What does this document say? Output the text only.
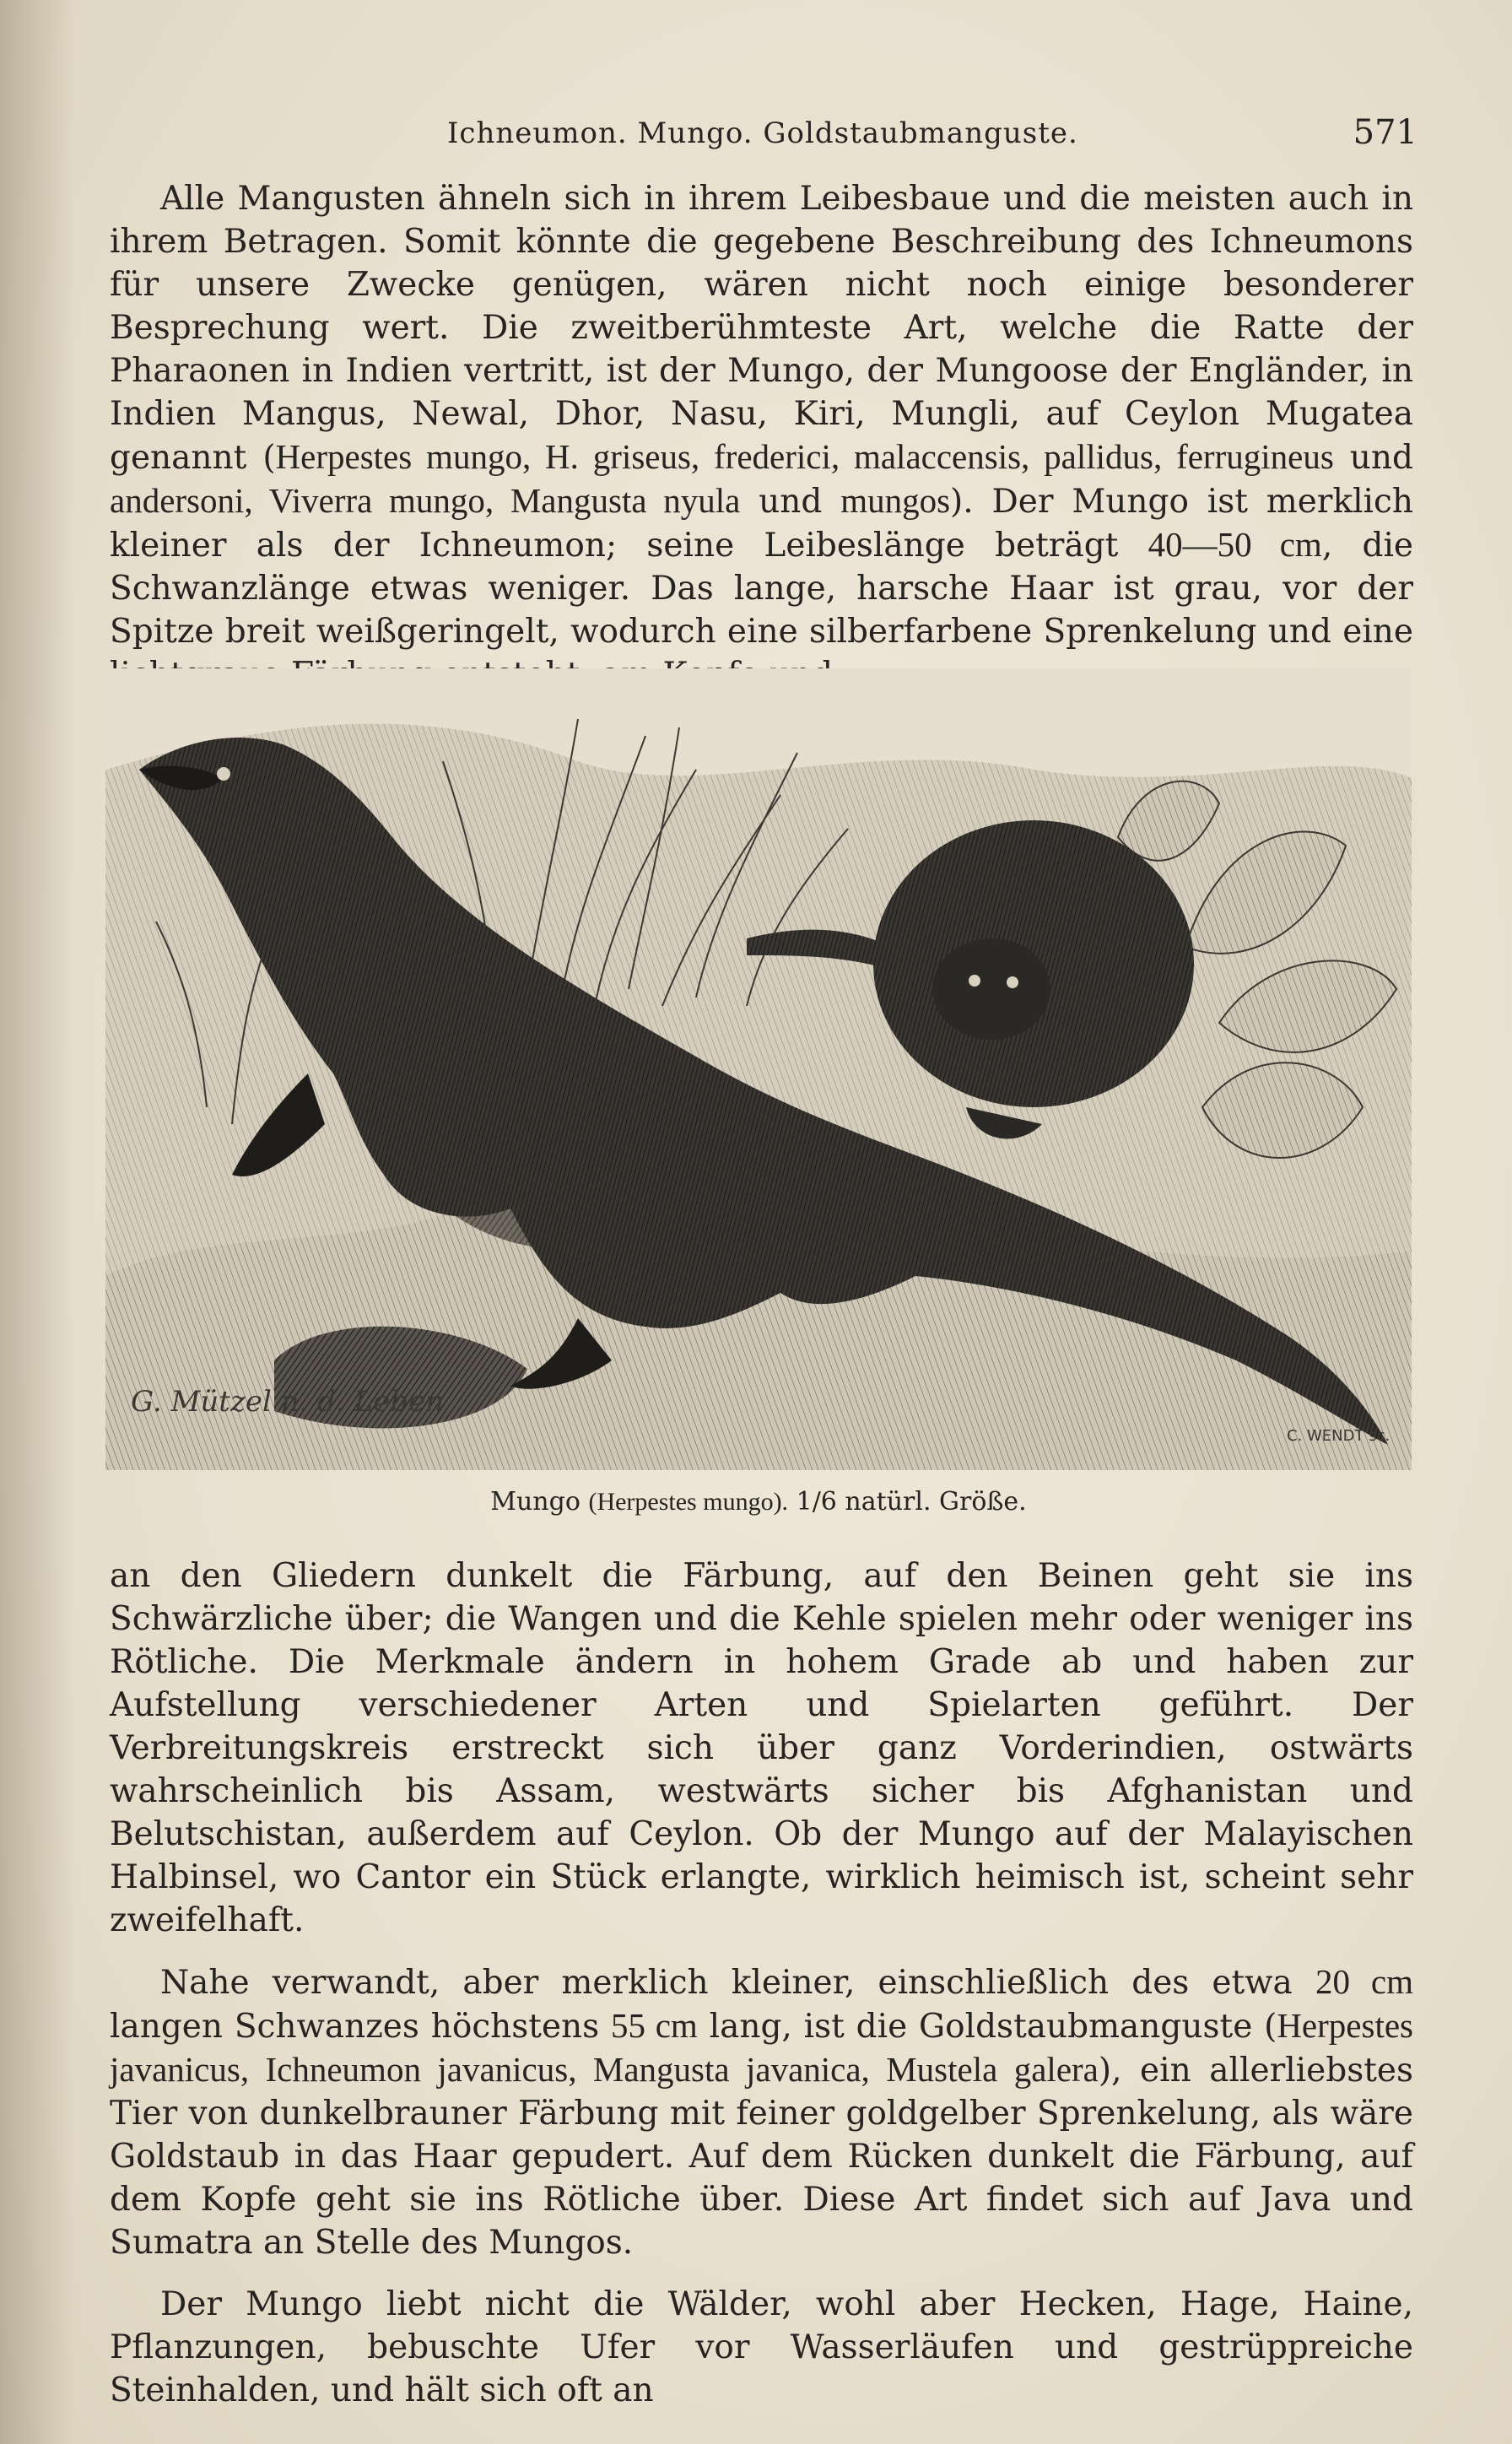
Ichneumon. Mungo. Goldstaubmanguste.	571

Alle Mangusten ähneln sich in ihrem Leibesbaue und die meisten auch in ihrem Betragen. Somit könnte die gegebene Beschreibung des Ichneumons für unsere Zwecke genügen, wären nicht noch einige besonderer Besprechung wert. Die zweitberühmteste Art, welche die Ratte der Pharaonen in Indien vertritt, ist der Mungo, der Mungoose der Engländer, in Indien Mangus, Newal, Dhor, Nasu, Kiri, Mungli, auf Ceylon Mugatea genannt (Herpestes mungo, H. griseus, frederici, malaccensis, pallidus, ferrugineus und andersoni, Viverra mungo, Mangusta nyula und mungos). Der Mungo ist merklich kleiner als der Ichneumon; seine Leibeslänge beträgt 40—50 cm, die Schwanzlänge etwas weniger. Das lange, harsche Haar ist grau, vor der Spitze breit weißgeringelt, wodurch eine silberfarbene Sprenkelung und eine

G. Mützel n. d. Leben
C. WENDT sc.
Mungo (Herpestes mungo). 1/6 natürl. Größe.

an den Gliedern dunkelt die Färbung, auf den Beinen geht sie ins Schwärzliche über; die Wangen und die Kehle spielen mehr oder weniger ins Rötliche. Die Merkmale ändern in hohem Grade ab und haben zur Aufstellung verschiedener Arten und Spielarten geführt. Der Verbreitungskreis erstreckt sich über ganz Vorderindien, ostwärts wahrscheinlich bis Assam, westwärts sicher bis Afghanistan und Belutschistan, außerdem auf Ceylon. Ob der Mungo auf der Malayischen Halbinsel, wo Cantor ein Stück erlangte, wirklich heimisch ist, scheint sehr zweifelhaft.

Nahe verwandt, aber merklich kleiner, einschließlich des etwa 20 cm langen Schwanzes höchstens 55 cm lang, ist die Goldstaubmanguste (Herpestes javanicus, Ichneumon javanicus, Mangusta javanica, Mustela galera), ein allerliebstes Tier von dunkelbrauner Färbung mit feiner goldgelber Sprenkelung, als wäre Goldstaub in das Haar gepudert. Auf dem Rücken dunkelt die Färbung, auf dem Kopfe geht sie ins Rötliche über. Diese Art findet sich auf Java und Sumatra an Stelle des Mungos.

Der Mungo liebt nicht die Wälder, wohl aber Hecken, Hage, Haine, Pflanzungen, bebuschte Ufer vor Wasserläufen und gestrüppreiche Steinhalden, und hält sich oft an
